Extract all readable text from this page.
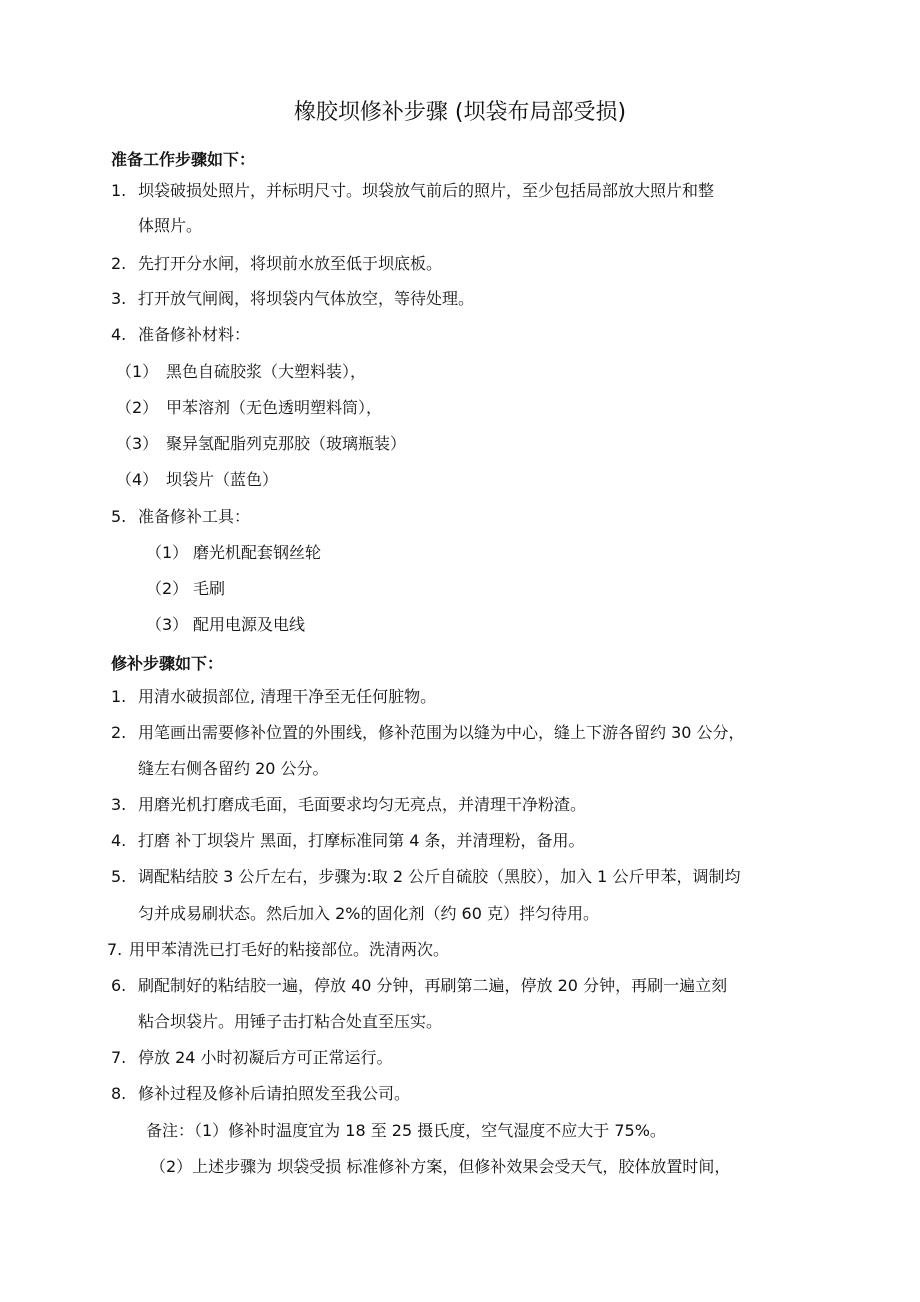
橡胶坝修补步骤 (坝袋布局部受损)
准备工作步骤如下：
1. 坝袋破损处照片，并标明尺寸。坝袋放气前后的照片，至少包括局部放大照片和整
体照片。
2. 先打开分水闸，将坝前水放至低于坝底板。
3. 打开放气闸阀，将坝袋内气体放空，等待处理。
4. 准备修补材料：
（1） 黑色自硫胶浆（大塑料装），
（2） 甲苯溶剂（无色透明塑料筒），
（3） 聚异氢配脂列克那胶（玻璃瓶装）
（4） 坝袋片（蓝色）
5. 准备修补工具：
（1） 磨光机配套钢丝轮
（2） 毛刷
（3） 配用电源及电线
修补步骤如下：
1. 用清水破损部位, 清理干净至无任何脏物。
2. 用笔画出需要修补位置的外围线，修补范围为以缝为中心，缝上下游各留约 30 公分，
缝左右侧各留约 20 公分。
3. 用磨光机打磨成毛面，毛面要求均匀无亮点，并清理干净粉渣。
4. 打磨 补丁坝袋片 黑面，打摩标准同第 4 条，并清理粉，备用。
5. 调配粘结胶 3 公斤左右，步骤为:取 2 公斤自硫胶（黑胶），加入 1 公斤甲苯，调制均
匀并成易刷状态。然后加入 2%的固化剂（约 60 克）拌匀待用。
7. 用甲苯清洗已打毛好的粘接部位。洗清两次。
6. 刷配制好的粘结胶一遍，停放 40 分钟，再刷第二遍，停放 20 分钟，再刷一遍立刻
粘合坝袋片。用锤子击打粘合处直至压实。
7. 停放 24 小时初凝后方可正常运行。
8. 修补过程及修补后请拍照发至我公司。
备注：（1）修补时温度宜为 18 至 25 摄氏度，空气湿度不应大于 75%。
（2）上述步骤为 坝袋受损 标准修补方案，但修补效果会受天气，胶体放置时间，
